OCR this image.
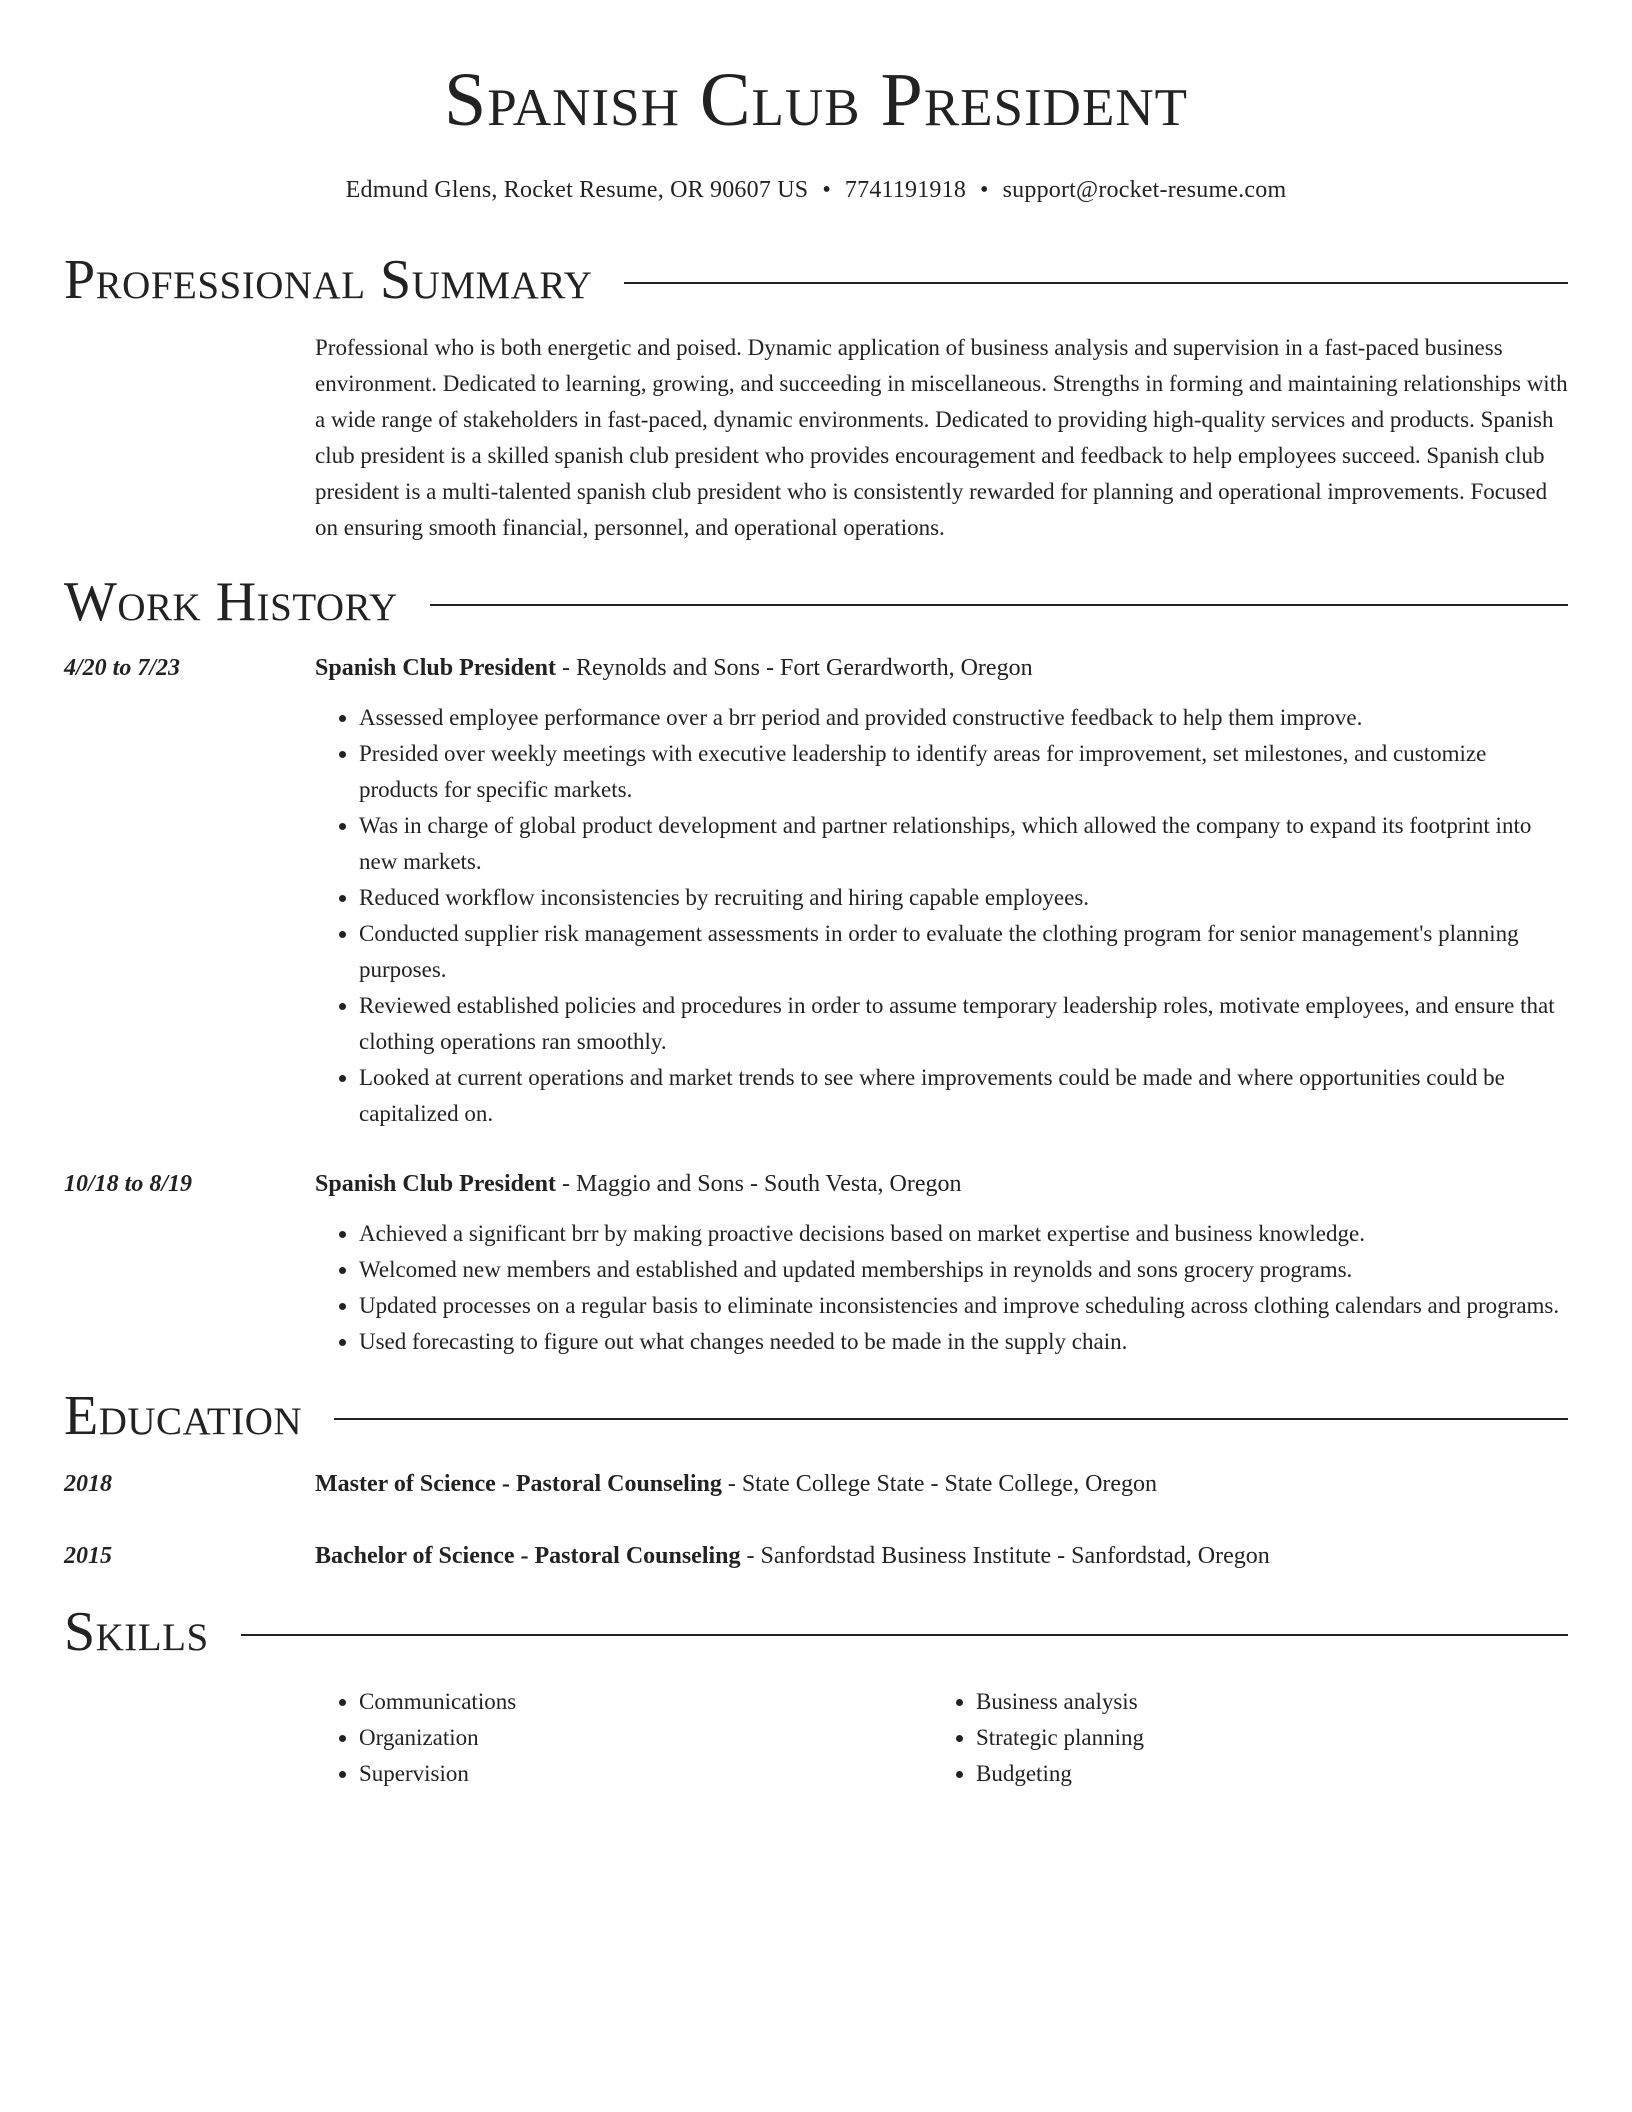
Spanish Club President
Edmund Glens, Rocket Resume, OR 90607 US • 7741191918 • support@rocket-resume.com
Professional Summary
Professional who is both energetic and poised. Dynamic application of business analysis and supervision in a fast-paced business environment. Dedicated to learning, growing, and succeeding in miscellaneous. Strengths in forming and maintaining relationships with a wide range of stakeholders in fast-paced, dynamic environments. Dedicated to providing high-quality services and products. Spanish club president is a skilled spanish club president who provides encouragement and feedback to help employees succeed. Spanish club president is a multi-talented spanish club president who is consistently rewarded for planning and operational improvements. Focused on ensuring smooth financial, personnel, and operational operations.
Work History
4/20 to 7/23	Spanish Club President - Reynolds and Sons - Fort Gerardworth, Oregon
• Assessed employee performance over a brr period and provided constructive feedback to help them improve.
• Presided over weekly meetings with executive leadership to identify areas for improvement, set milestones, and customize products for specific markets.
• Was in charge of global product development and partner relationships, which allowed the company to expand its footprint into new markets.
• Reduced workflow inconsistencies by recruiting and hiring capable employees.
• Conducted supplier risk management assessments in order to evaluate the clothing program for senior management's planning purposes.
• Reviewed established policies and procedures in order to assume temporary leadership roles, motivate employees, and ensure that clothing operations ran smoothly.
• Looked at current operations and market trends to see where improvements could be made and where opportunities could be capitalized on.
10/18 to 8/19	Spanish Club President - Maggio and Sons - South Vesta, Oregon
• Achieved a significant brr by making proactive decisions based on market expertise and business knowledge.
• Welcomed new members and established and updated memberships in reynolds and sons grocery programs.
• Updated processes on a regular basis to eliminate inconsistencies and improve scheduling across clothing calendars and programs.
• Used forecasting to figure out what changes needed to be made in the supply chain.
Education
2018	Master of Science - Pastoral Counseling - State College State - State College, Oregon
2015	Bachelor of Science - Pastoral Counseling - Sanfordstad Business Institute - Sanfordstad, Oregon
Skills
• Communications
• Organization
• Supervision
• Business analysis
• Strategic planning
• Budgeting
